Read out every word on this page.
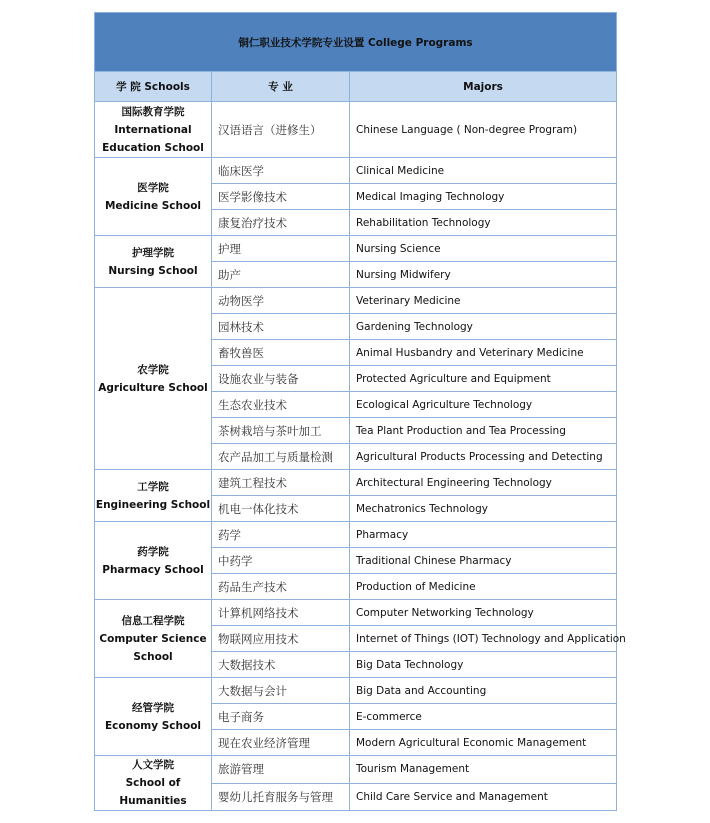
铜仁职业技术学院专业设置 College Programs		
学 院 Schools	专 业	Majors

国际教育学院
International
Education School	汉语语言（进修生）	Chinese Language ( Non-degree Program)

医学院
Medicine School	临床医学	Clinical Medicine
	医学影像技术	Medical Imaging Technology
	康复治疗技术	Rehabilitation Technology

护理学院
Nursing School	护理	Nursing Science
	助产	Nursing Midwifery

农学院
Agriculture School	动物医学	Veterinary Medicine
	园林技术	Gardening Technology
	畜牧兽医	Animal Husbandry and Veterinary Medicine
	设施农业与装备	Protected Agriculture and Equipment
	生态农业技术	Ecological Agriculture Technology
	茶树栽培与茶叶加工	Tea Plant Production and Tea Processing
	农产品加工与质量检测	Agricultural Products Processing and Detecting

工学院
Engineering School	建筑工程技术	Architectural Engineering Technology
	机电一体化技术	Mechatronics Technology

药学院
Pharmacy School	药学	Pharmacy
	中药学	Traditional Chinese Pharmacy
	药品生产技术	Production of Medicine

信息工程学院
Computer Science
School	计算机网络技术	Computer Networking Technology
	物联网应用技术	Internet of Things (IOT) Technology and Application
	大数据技术	Big Data Technology

经管学院
Economy School	大数据与会计	Big Data and Accounting
	电子商务	E-commerce
	现在农业经济管理	Modern Agricultural Economic Management

人文学院
School of
Humanities	旅游管理	Tourism Management
	婴幼儿托育服务与管理	Child Care Service and Management
